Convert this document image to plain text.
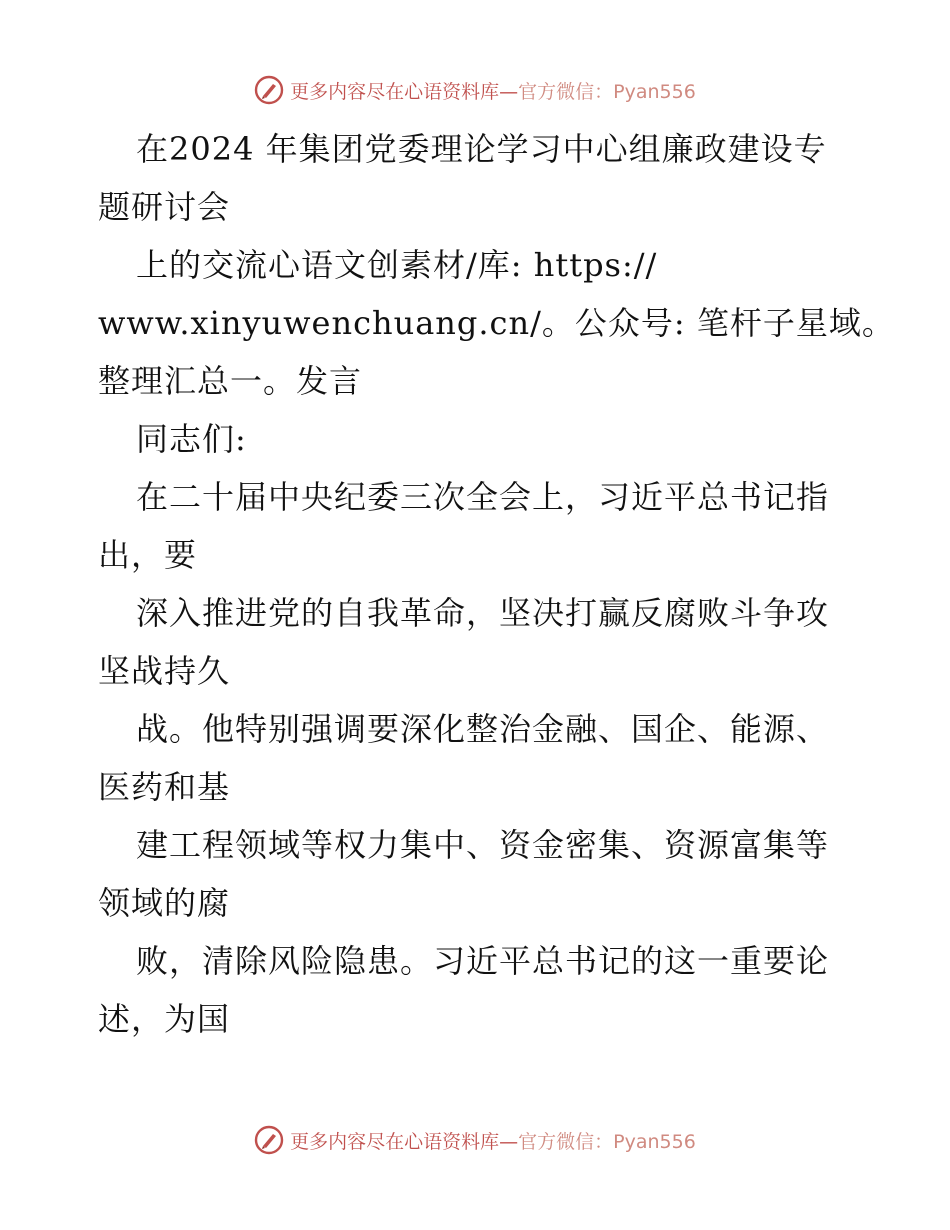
更多内容尽在心语资料库—官方微信：Pyan556
在2024 年集团党委理论学习中心组廉政建设专
题研讨会
上的交流心语文创素材/库: https://
www.xinyuwenchuang.cn/。公众号: 笔杆子星域。
整理汇总一。发言
同志们:
在二十届中央纪委三次全会上，习近平总书记指
出，要
深入推进党的自我革命，坚决打赢反腐败斗争攻
坚战持久
战。他特别强调要深化整治金融、国企、能源、
医药和基
建工程领域等权力集中、资金密集、资源富集等
领域的腐
败，清除风险隐患。习近平总书记的这一重要论
述，为国
更多内容尽在心语资料库—官方微信：Pyan556
